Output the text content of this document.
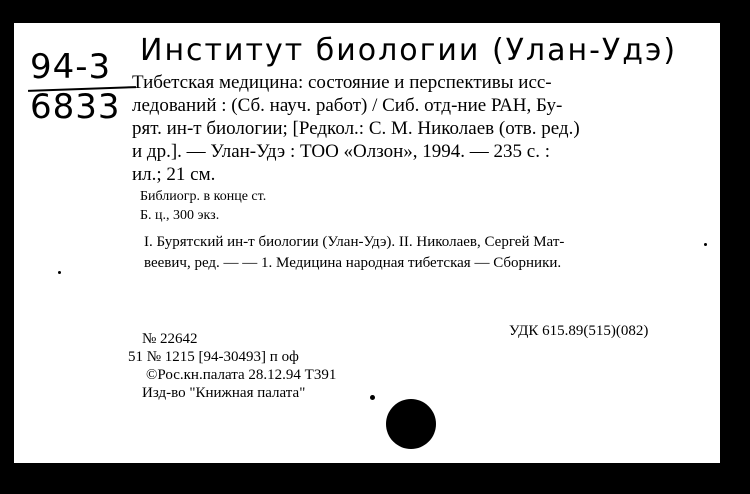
94-3
6833
Институт биологии (Улан-Удэ)
Тибетская медицина: состояние и перспективы исс-
ледований : (Сб. науч. работ) / Сиб. отд-ние РАН, Бу-
рят. ин-т биологии; [Редкол.: С. М. Николаев (отв. ред.)
и др.]. — Улан-Удэ : ТОО «Олзон», 1994. — 235 с. :
ил.; 21 см.
Библиогр. в конце ст.
Б. ц., 300 экз.
I. Бурятский ин-т биологии (Улан-Удэ). II. Николаев, Сергей Мат-
веевич, ред. — — 1. Медицина народная тибетская — Сборники.
УДК 615.89(515)(082)
№ 22642
51 № 1215 [94-30493] п оф
©Рос.кн.палата 28.12.94 Т391
Изд-во "Книжная палата"
